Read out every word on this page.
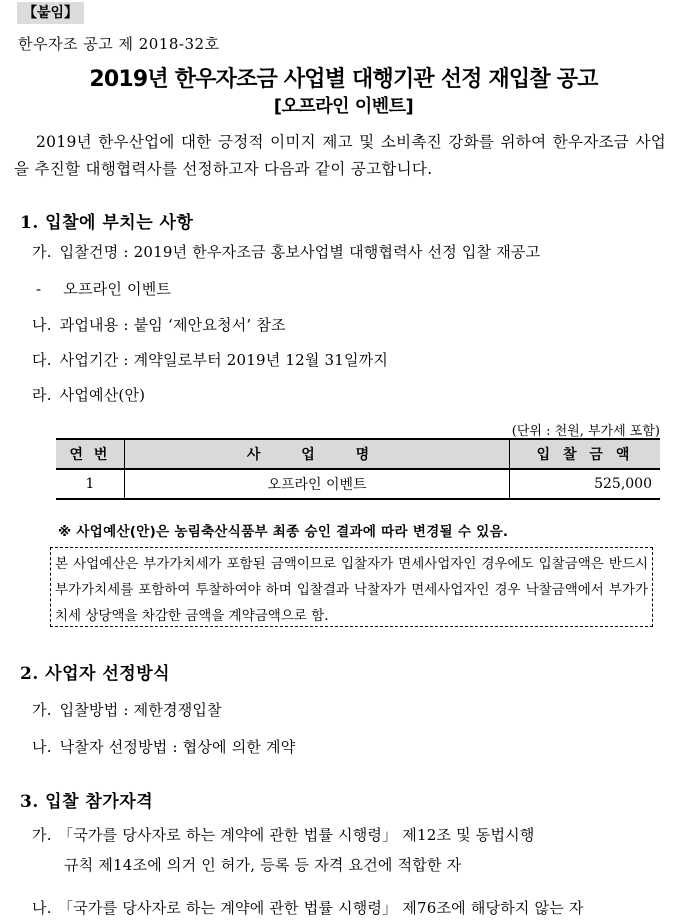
【붙임】
한우자조 공고 제 2018-32호
2019년 한우자조금 사업별 대행기관 선정 재입찰 공고
[오프라인 이벤트]

2019년 한우산업에 대한 긍정적 이미지 제고 및 소비촉진 강화를 위하여 한우자조금 사업을 추진할 대행협력사를 선정하고자 다음과 같이 공고합니다.

1. 입찰에 부치는 사항
가. 입찰건명 : 2019년 한우자조금 홍보사업별 대행협력사 선정 입찰 재공고
- 오프라인 이벤트
나. 과업내용 : 붙임 ‘제안요청서’ 참조
다. 사업기간 : 계약일로부터 2019년 12월 31일까지
라. 사업예산(안)
(단위 : 천원, 부가세 포함)
연 번	사 업 명	입 찰 금 액
1	오프라인 이벤트	525,000
※ 사업예산(안)은 농림축산식품부 최종 승인 결과에 따라 변경될 수 있음.
본 사업예산은 부가가치세가 포함된 금액이므로 입찰자가 면세사업자인 경우에도 입찰금액은 반드시 부가가치세를 포함하여 투찰하여야 하며 입찰결과 낙찰자가 면세사업자인 경우 낙찰금액에서 부가가치세 상당액을 차감한 금액을 계약금액으로 함.
2. 사업자 선정방식
가. 입찰방법 : 제한경쟁입찰
나. 낙찰자 선정방법 : 협상에 의한 계약
3. 입찰 참가자격
가. 「국가를 당사자로 하는 계약에 관한 법률 시행령」 제12조 및 동법시행
규칙 제14조에 의거 인 허가, 등록 등 자격 요건에 적합한 자
나. 「국가를 당사자로 하는 계약에 관한 법률 시행령」 제76조에 해당하지 않는 자
